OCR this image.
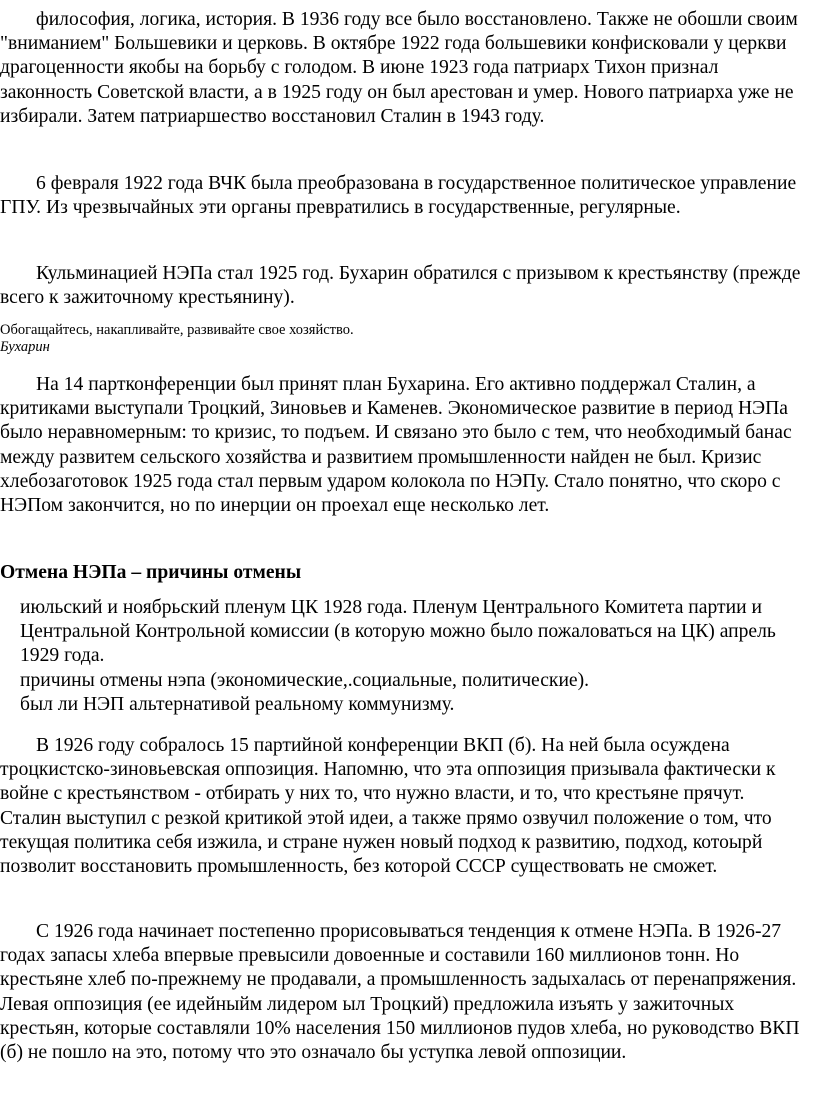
философия, логика, история. В 1936 году все было восстановлено. Также не обошли своим "вниманием" Большевики и церковь. В октябре 1922 года большевики конфисковали у церкви драгоценности якобы на борьбу с голодом. В июне 1923 года патриарх Тихон признал законность Советской власти, а в 1925 году он был арестован и умер. Нового патриарха уже не избирали. Затем патриаршество восстановил Сталин в 1943 году.

6 февраля 1922 года ВЧК была преобразована в государственное политическое управление ГПУ. Из чрезвычайных эти органы превратились в государственные, регулярные.

Кульминацией НЭПа стал 1925 год. Бухарин обратился с призывом к крестьянству (прежде всего к зажиточному крестьянину).

Обогащайтесь, накапливайте, развивайте свое хозяйство.

Бухарин

На 14 партконференции был принят план Бухарина. Его активно поддержал Сталин, а критиками выступали Троцкий, Зиновьев и Каменев. Экономическое развитие в период НЭПа было неравномерным: то кризис, то подъем. И связано это было с тем, что необходимый банас между развитем сельского хозяйства и развитием промышленности найден не был. Кризис хлебозаготовок 1925 года стал первым ударом колокола по НЭПу. Стало понятно, что скоро с НЭПом закончится, но по инерции он проехал еще несколько лет.

Отмена НЭПа – причины отмены
июльский и ноябрьский пленум ЦК 1928 года. Пленум Центрального Комитета партии и Центральной Контрольной комиссии (в которую можно было пожаловаться на ЦК) апрель 1929 года.
причины отмены нэпа (экономические,.социальные, политические).
был ли НЭП альтернативой реальному коммунизму.

В 1926 году собралось 15 партийной конференции ВКП (б). На ней была осуждена троцкистско-зиновьевская оппозиция. Напомню, что эта оппозиция призывала фактически к войне с крестьянством - отбирать у них то, что нужно власти, и то, что крестьяне прячут. Сталин выступил с резкой критикой этой идеи, а также прямо озвучил положение о том, что текущая политика себя изжила, и стране нужен новый подход к развитию, подход, котоырй позволит восстановить промышленность, без которой СССР существовать не сможет.

С 1926 года начинает постепенно прорисовываться тенденция к отмене НЭПа. В 1926-27 годах запасы хлеба впервые превысили довоенные и составили 160 миллионов тонн. Но крестьяне хлеб по-прежнему не продавали, а промышленность задыхалась от перенапряжения. Левая оппозиция (ее идейныйм лидером ыл Троцкий) предложила изъять у зажиточных крестьян, которые составляли 10% населения 150 миллионов пудов хлеба, но руководство ВКП (б) не пошло на это, потому что это означало бы уступка левой оппозиции.
